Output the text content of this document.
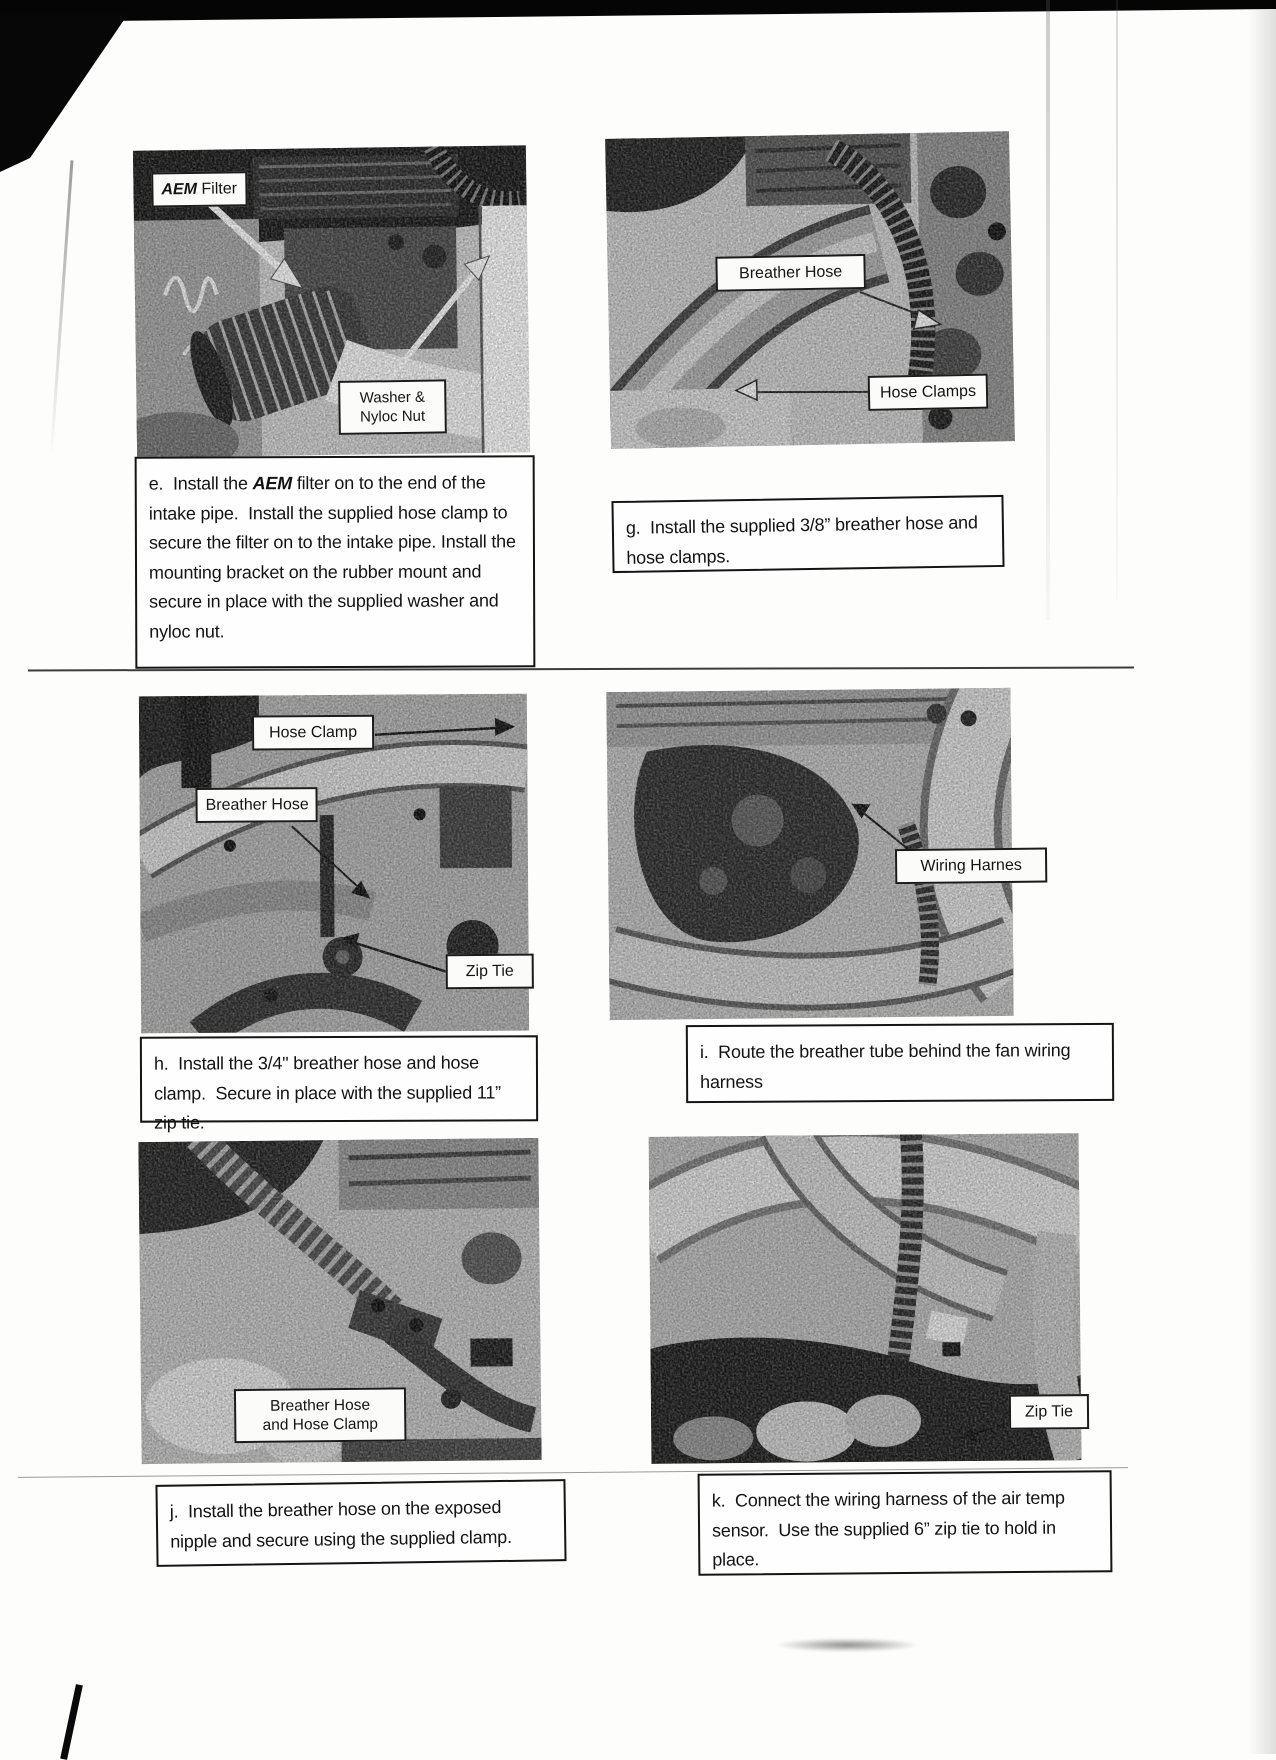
AEM Filter
Washer &
Nyloc Nut

e.  Install the AEM filter on to the end of the intake pipe.  Install the supplied hose clamp to secure the filter on to the intake pipe. Install the mounting bracket on the rubber mount and secure in place with the supplied washer and nyloc nut.

Breather Hose
Hose Clamps

g.  Install the supplied 3/8” breather hose and hose clamps.

Hose Clamp
Breather Hose
Zip Tie

h.  Install the 3/4" breather hose and hose clamp.  Secure in place with the supplied 11” zip tie.

Wiring Harnes

i.  Route the breather tube behind the fan wiring harness

Breather Hose
and Hose Clamp

j.  Install the breather hose on the exposed nipple and secure using the supplied clamp.

Zip Tie

k.  Connect the wiring harness of the air temp sensor.  Use the supplied 6” zip tie to hold in place.
